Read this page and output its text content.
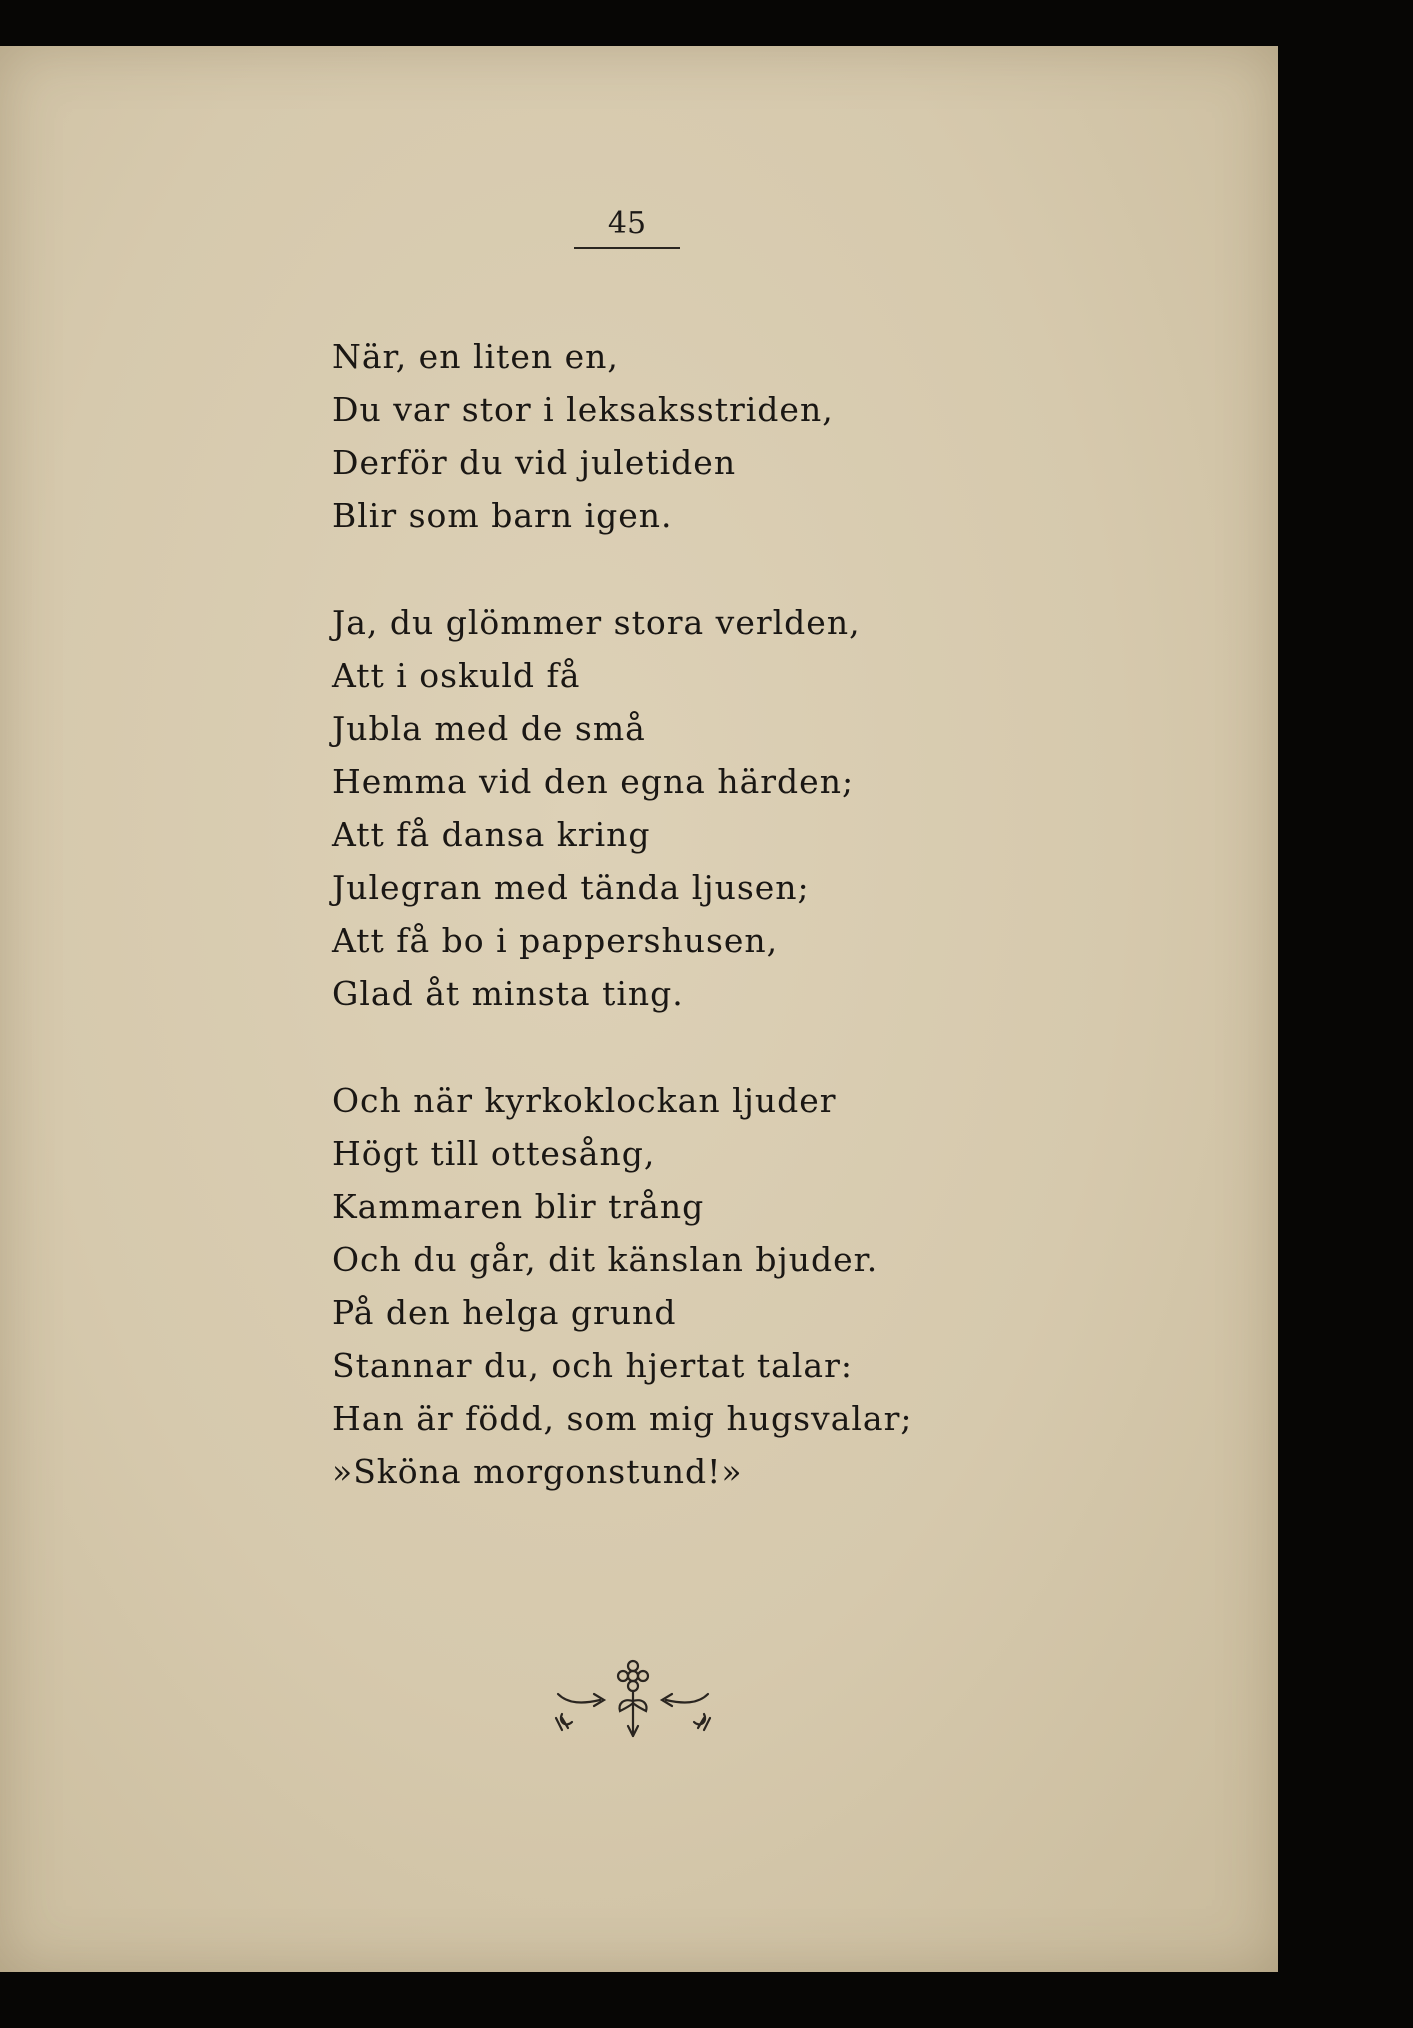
45
När, en liten en,
Du var stor i leksaksstriden,
Derför du vid juletiden
Blir som barn igen.
Ja, du glömmer stora verlden,
Att i oskuld få
Jubla med de små
Hemma vid den egna härden;
Att få dansa kring
Julegran med tända ljusen;
Att få bo i pappershusen,
Glad åt minsta ting.
Och när kyrkoklockan ljuder
Högt till ottesång,
Kammaren blir trång
Och du går, dit känslan bjuder.
På den helga grund
Stannar du, och hjertat talar:
Han är född, som mig hugsvalar;
»Sköna morgonstund!»
